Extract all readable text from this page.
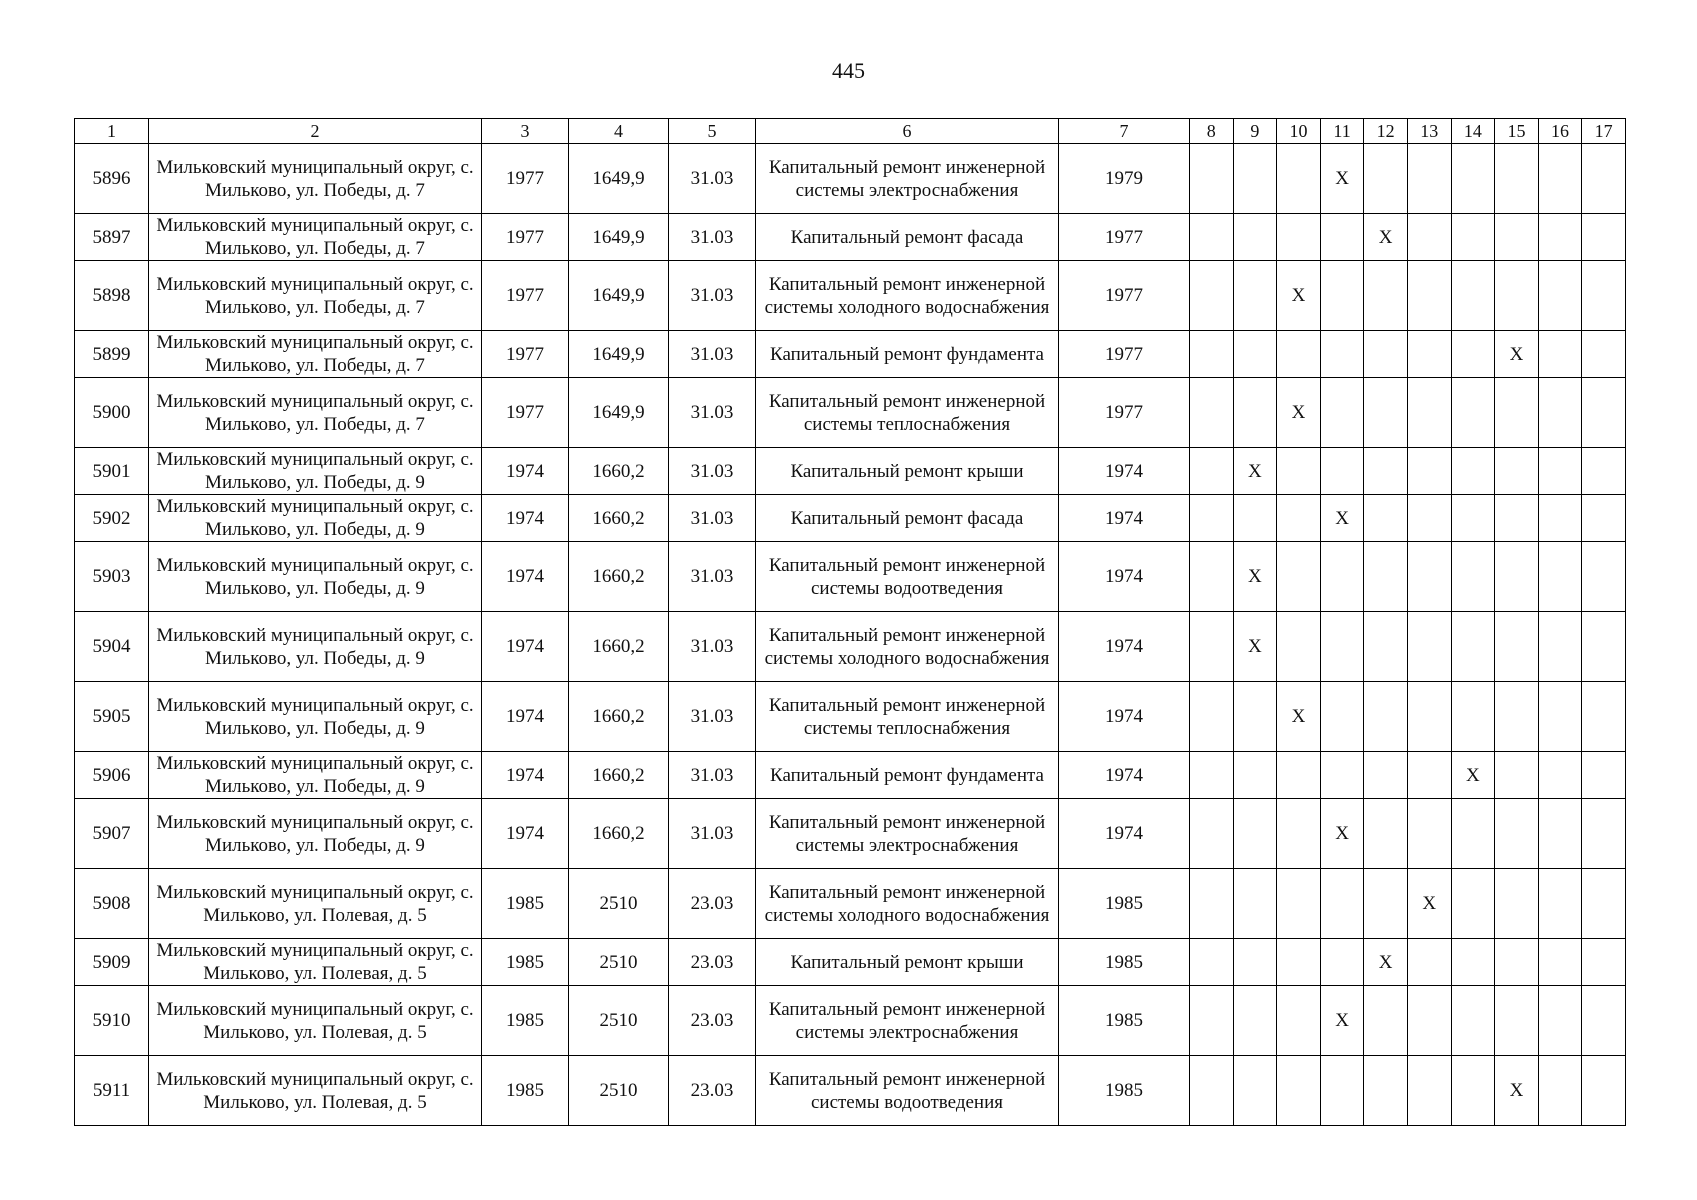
445
1	2	3	4	5	6	7	8	9	10	11	12	13	14	15	16	17
5896	Мильковский муниципальный округ, с. Мильково, ул. Победы, д. 7	1977	1649,9	31.03	Капитальный ремонт инженерной системы электроснабжения	1979				Х						
5897	Мильковский муниципальный округ, с. Мильково, ул. Победы, д. 7	1977	1649,9	31.03	Капитальный ремонт фасада	1977					Х					
5898	Мильковский муниципальный округ, с. Мильково, ул. Победы, д. 7	1977	1649,9	31.03	Капитальный ремонт инженерной системы холодного водоснабжения	1977			Х							
5899	Мильковский муниципальный округ, с. Мильково, ул. Победы, д. 7	1977	1649,9	31.03	Капитальный ремонт фундамента	1977								Х		
5900	Мильковский муниципальный округ, с. Мильково, ул. Победы, д. 7	1977	1649,9	31.03	Капитальный ремонт инженерной системы теплоснабжения	1977			Х							
5901	Мильковский муниципальный округ, с. Мильково, ул. Победы, д. 9	1974	1660,2	31.03	Капитальный ремонт крыши	1974		Х								
5902	Мильковский муниципальный округ, с. Мильково, ул. Победы, д. 9	1974	1660,2	31.03	Капитальный ремонт фасада	1974				Х						
5903	Мильковский муниципальный округ, с. Мильково, ул. Победы, д. 9	1974	1660,2	31.03	Капитальный ремонт инженерной системы водоотведения	1974		Х								
5904	Мильковский муниципальный округ, с. Мильково, ул. Победы, д. 9	1974	1660,2	31.03	Капитальный ремонт инженерной системы холодного водоснабжения	1974		Х								
5905	Мильковский муниципальный округ, с. Мильково, ул. Победы, д. 9	1974	1660,2	31.03	Капитальный ремонт инженерной системы теплоснабжения	1974			Х							
5906	Мильковский муниципальный округ, с. Мильково, ул. Победы, д. 9	1974	1660,2	31.03	Капитальный ремонт фундамента	1974							Х			
5907	Мильковский муниципальный округ, с. Мильково, ул. Победы, д. 9	1974	1660,2	31.03	Капитальный ремонт инженерной системы электроснабжения	1974				Х						
5908	Мильковский муниципальный округ, с. Мильково, ул. Полевая, д. 5	1985	2510	23.03	Капитальный ремонт инженерной системы холодного водоснабжения	1985						Х				
5909	Мильковский муниципальный округ, с. Мильково, ул. Полевая, д. 5	1985	2510	23.03	Капитальный ремонт крыши	1985					Х					
5910	Мильковский муниципальный округ, с. Мильково, ул. Полевая, д. 5	1985	2510	23.03	Капитальный ремонт инженерной системы электроснабжения	1985				Х						
5911	Мильковский муниципальный округ, с. Мильково, ул. Полевая, д. 5	1985	2510	23.03	Капитальный ремонт инженерной системы водоотведения	1985								Х		
